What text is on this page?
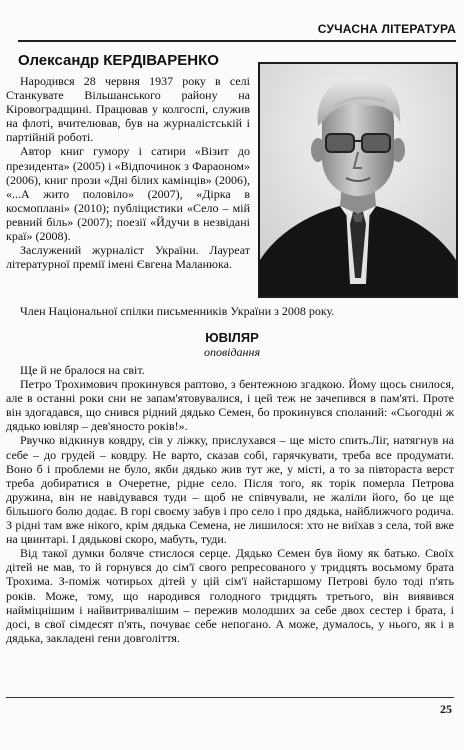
СУЧАСНА ЛІТЕРАТУРА
Олександр КЕРДІВАРЕНКО

Народився 28 червня 1937 року в селі Станкувате Вільшанського району на Кіровоградщині. Працював у колгоспі, служив на флоті, вчителював, був на журналістській і партійній роботі.

Автор книг гумору і сатири «Візит до президента» (2005) і «Відпочинок з Фараоном» (2006), книг прози «Дні білих камінців» (2006), «...А жито половіло» (2007), «Дірка в космоплані» (2010); публіцистики «Село – мій ревний біль» (2007); поезії «Йдучи в незвідані краї» (2008).

Заслужений журналіст України. Лауреат літературної премії імені Євгена Маланюка.

Член Національної спілки письменників України з 2008 року.
ЮВІЛЯР
оповідання

Ще й не бралося на світ.

Петро Трохимович прокинувся раптово, з бентежною згадкою. Йому щось снилося, але в останні роки сни не запам'ятовувалися, і цей теж не зачепився в пам'яті. Проте він здогадався, що снився рідний дядько Семен, бо прокинувся споланий: «Сьогодні ж дядько ювіляр – дев'яносто років!».

Рвучко відкинув ковдру, сів у ліжку, прислухався – ще місто спить.Ліг, натягнув на себе – до грудей – ковдру. Не варто, сказав собі, гарячкувати, треба все продумати. Воно б і проблеми не було, якби дядько жив тут же, у місті, а то за півтораста верст треба добиратися в Очеретне, рідне село. Після того, як торік померла Петрова дружина, він не навідувався туди – щоб не співчували, не жаліли його, бо це ще більшого болю додає. В горі своєму забув і про село і про дядька, найближчого родича. З рідні там вже нікого, крім дядька Семена, не лишилося: хто не виїхав з села, той вже на цвинтарі. І дядькові скоро, мабуть, туди.

Від такої думки боляче стислося серце. Дядько Семен був йому як батько. Своїх дітей не мав, то й горнувся до сім'ї свого репресованого у тридцять восьмому брата Трохима. З-поміж чотирьох дітей у цій сім'ї найстаршому Петрові було тоді п'ять років. Може, тому, що народився голодного тридцять третього, він виявився найміцнішим і найвитривалішим – пережив молодших за себе двох сестер і брата, і досі, в свої сімдесят п'ять, почуває себе непогано. А може, думалось, у нього, як і в дядька, закладені гени довголіття.

25
